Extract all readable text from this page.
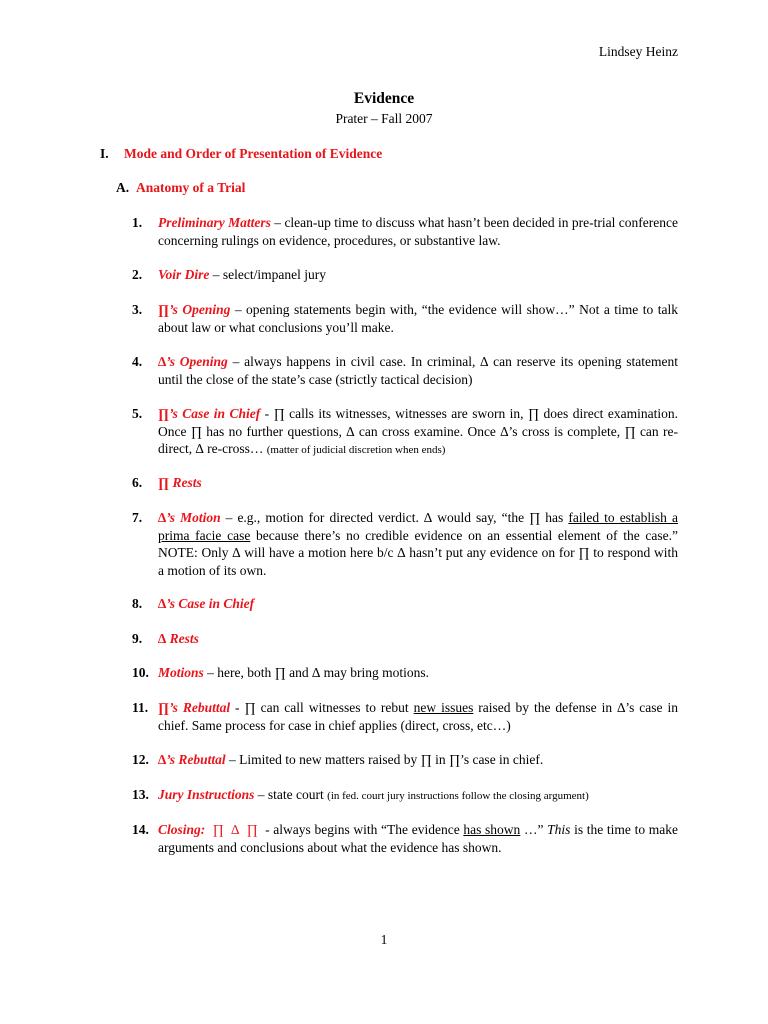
Lindsey Heinz
Evidence
Prater – Fall 2007
I. Mode and Order of Presentation of Evidence
A. Anatomy of a Trial
1. Preliminary Matters – clean-up time to discuss what hasn’t been decided in pre-trial conference concerning rulings on evidence, procedures, or substantive law.
2. Voir Dire – select/impanel jury
3. ∏’s Opening – opening statements begin with, “the evidence will show…” Not a time to talk about law or what conclusions you’ll make.
4. ∆’s Opening – always happens in civil case. In criminal, ∆ can reserve its opening statement until the close of the state’s case (strictly tactical decision)
5. ∏’s Case in Chief - ∏ calls its witnesses, witnesses are sworn in, ∏ does direct examination. Once ∏ has no further questions, ∆ can cross examine. Once ∆’s cross is complete, ∏ can re-direct, ∆ re-cross… (matter of judicial discretion when ends)
6. ∏ Rests
7. ∆’s Motion – e.g., motion for directed verdict. ∆ would say, “the ∏ has failed to establish a prima facie case because there’s no credible evidence on an essential element of the case.” NOTE: Only ∆ will have a motion here b/c ∆ hasn’t put any evidence on for ∏ to respond with a motion of its own.
8. ∆’s Case in Chief
9. ∆ Rests
10. Motions – here, both ∏ and ∆ may bring motions.
11. ∏’s Rebuttal - ∏ can call witnesses to rebut new issues raised by the defense in ∆’s case in chief. Same process for case in chief applies (direct, cross, etc…)
12. ∆’s Rebuttal – Limited to new matters raised by ∏ in ∏’s case in chief.
13. Jury Instructions – state court (in fed. court jury instructions follow the closing argument)
14. Closing:  ∏  ∆  ∏  - always begins with “The evidence has shown …” This is the time to make arguments and conclusions about what the evidence has shown.
1
